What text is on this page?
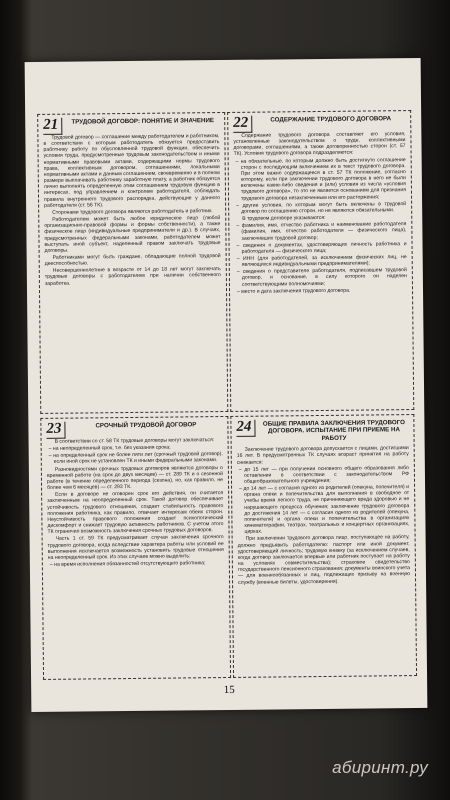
21	ТРУДОВОЙ ДОГОВОР: ПОНЯТИЕ И ЗНАЧЕНИЕ

Трудовой договор — соглашение между работодателем и работником, в соответствии с которым работодатель обязуется предоставить работнику работу по обусловленной трудовой функции, обеспечить условия труда, предусмотренные трудовым законодательством и иными нормативными правовыми актами, содержащими нормы трудового права, коллективным договором, соглашениями, локальными нормативными актами и данным соглашением, своевременно и в полном размере выплачивать работнику заработную плату, а работник обязуется лично выполнять определенную этим соглашением трудовую функцию в интересах, под управлением и контролем работодателя, соблюдать правила внутреннего трудового распорядка, действующие у данного работодателя (ст. 56 ТК).

Сторонами трудового договора являются работодатель и работник.

Работодателем может быть любое юридическое лицо (любой организационно-правовой формы и формы собственности), а также физическое лицо (индивидуальные предприниматели и др.). В случаях, предусмотренных федеральными законами, работодателем может выступать иной субъект, наделенный правом заключать трудовые договоры.

Работниками могут быть граждане, обладающие полной трудовой дееспособностью.

Несовершеннолетние в возрасте от 14 до 18 лет могут заключать трудовые договоры с работодателем при наличии собственного заработка.

22	СОДЕРЖАНИЕ ТРУДОВОГО ДОГОВОРА

Содержание трудового договора составляют его условия, установленные законодательством о труде, коллективными договорами, соглашениями, а также договоренностью сторон (ст. 57 ТК). Условия трудового договора подразделяются:

– на обязательные, по которым должно быть достигнуто соглашение сторон с последующим включением их в текст трудового договора. При этом важно содержащееся в ст. 57 ТК положение, согласно которому, если при заключении трудового договора в него не были включены какие-либо сведения и (или) условия из числа «условия трудового договора», то это не является основанием для признания трудового договора незаключенным или его расторжения;

– другие условия, по которым могут быть включены в трудовой договор по соглашению сторон, но не являются обязательными.

В трудовом договоре указываются:

– фамилия, имя, отчество работника и наименование работодателя (фамилия, имя, отчество работодателя — физического лица), заключивших трудовой договор;

– сведения о документах, удостоверяющих личность работника и работодателя — физического лица;

– ИНН (для работодателей, за исключением физических лиц, не являющихся индивидуальными предпринимателями);

– сведения о представителе работодателя, подписавшем трудовой договор, и основание, в силу которого он наделен соответствующими полномочиями;

– место и дата заключения трудового договора.

23	СРОЧНЫЙ ТРУДОВОЙ ДОГОВОР

В соответствии со ст. 58 ТК трудовые договоры могут заключаться:

– на неопределенный срок, т.е. без указания срока;

– на определенный срок не более пяти лет (срочный трудовой договор), если иной срок не установлен ТК и иными федеральными законами.

Разновидностями срочных трудовых договоров являются договоры о временной работе (на срок до двух месяцев) — ст. 289 ТК и о сезонной работе (в течение определенного периода (сезона), но, как правило, не более чем 6 месяцев) — ст. 293 ТК.

Если в договоре не оговорен срок его действия, он считается заключенным на неопределенный срок. Такой договор обеспечивает устойчивость трудового отношения, создает стабильность правового положения работника, как правило, отвечает интересам обеих сторон. Неустойчивость правового положения создает психологический дискомфорт и снижает трудовую активность работников. С учетом этого ТК ограничил возможность заключения срочных трудовых договоров.

Часть 1 ст. 59 ТК предусматривает случаи заключения срочного трудового договора, когда вследствие характера работы или условий ее выполнения исключается возможность установить трудовые отношения на неопределенный срок. Из этих случаев можно выделить:

– на время исполнения обязанностей отсутствующего работника;

24	ОБЩИЕ ПРАВИЛА ЗАКЛЮЧЕНИЯ ТРУДОВОГО ДОГОВОРА. ИСПЫТАНИЕ ПРИ ПРИЕМЕ НА РАБОТУ

Заключение трудового договора допускается с лицами, достигшими 16 лет. В предусмотренных ТК случаях возраст принятия на работу снижается:

– до 15 лет — при получении основного общего образования либо оставлении в соответствии с законодательством РФ общеобразовательного учреждения;

– до 14 лет — с согласия одного из родителей (опекуна, попечителя) и органа опеки и попечительства для выполнения в свободное от учебы время легкого труда, не причиняющего вреда здоровью и не нарушающего процесса обучения; заключение трудового договора до достижения 14 лет — с согласия одного из родителей (опекуна, попечителя) и органа опеки и попечительства в организациях кинематографии, театрах, театральных и концертных организациях, цирках.

При заключении трудового договора лицо, поступающее на работу, должно предъявить работодателю: паспорт или иной документ, удостоверяющий личность; трудовую книжку (за исключением случаев, когда договор заключается впервые или работник поступает на работу на условиях совместительства); страховое свидетельство государственного пенсионного страхования; документы воинского учета — для военнообязанных и лиц, подлежащих призыву на военную службу (военные билеты, удостоверения).

15
абиринт.ру
